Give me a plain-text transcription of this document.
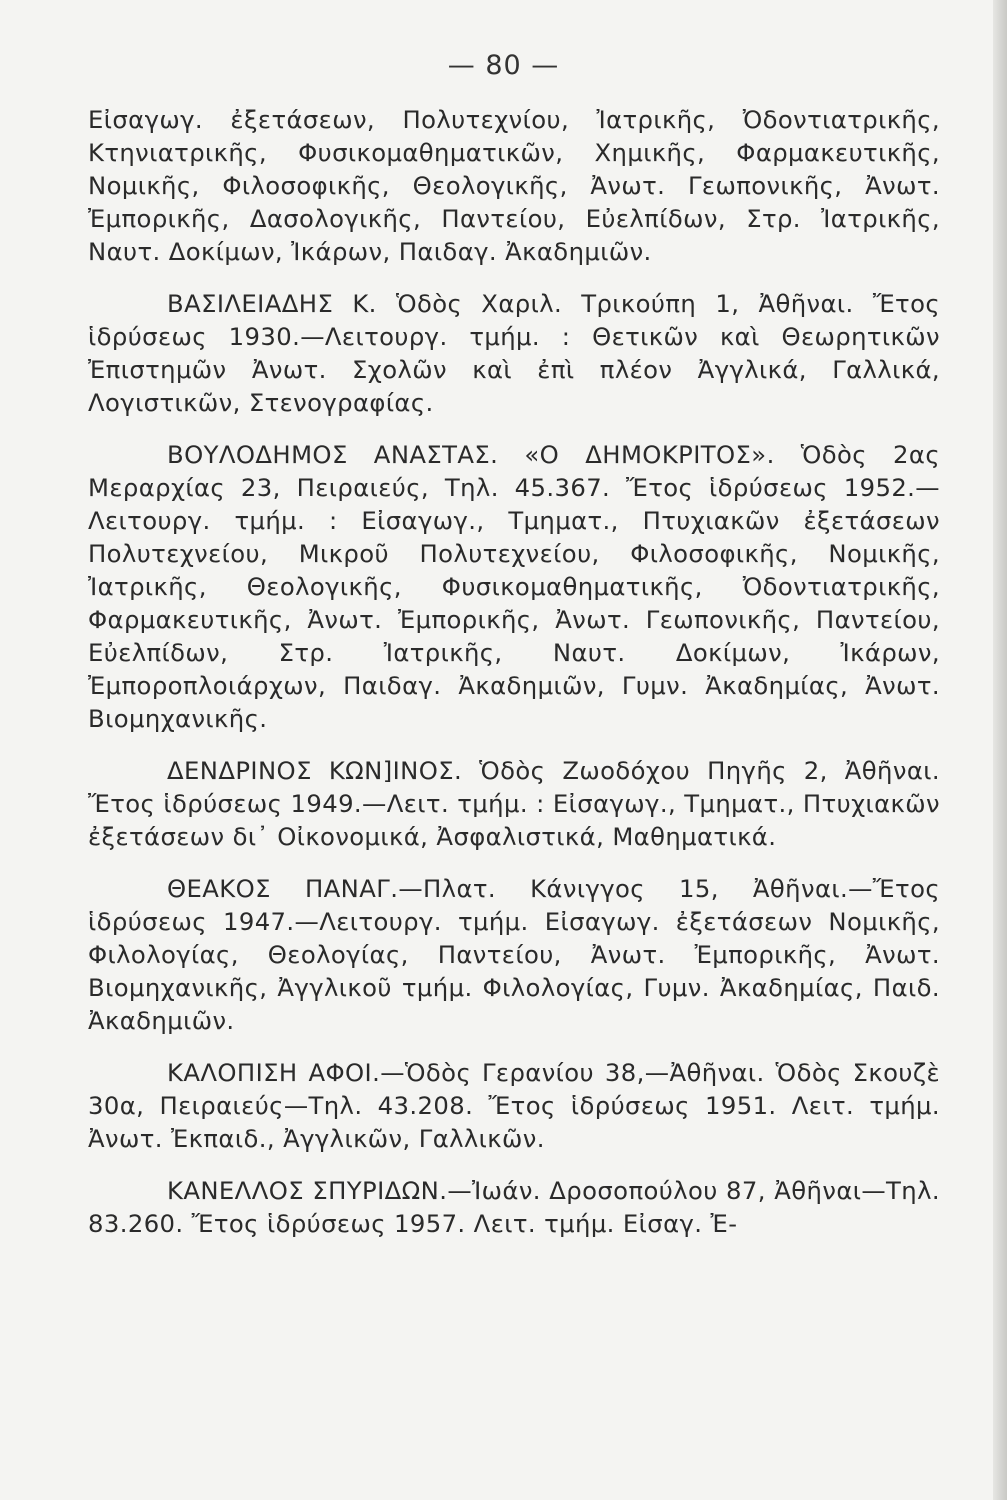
— 80 —

Εἰσαγωγ. ἐξετάσεων, Πολυτεχνίου, Ἰατρικῆς, Ὀδοντιατρικῆς, Κτηνιατρικῆς, Φυσικομαθηματικῶν, Χημικῆς, Φαρμακευτικῆς, Νομικῆς, Φιλοσοφικῆς, Θεολογικῆς, Ἀνωτ. Γεωπονικῆς, Ἀνωτ. Ἐμπορικῆς, Δασολογικῆς, Παντείου, Εὐελπίδων, Στρ. Ἰατρικῆς, Ναυτ. Δοκίμων, Ἰκάρων, Παιδαγ. Ἀκαδημιῶν.

ΒΑΣΙΛΕΙΑΔΗΣ Κ. Ὁδὸς Χαριλ. Τρικούπη 1, Ἀθῆναι. Ἔτος ἱδρύσεως 1930.—Λειτουργ. τμήμ. : Θετικῶν καὶ Θεωρητικῶν Ἐπιστημῶν Ἀνωτ. Σχολῶν καὶ ἐπὶ πλέον Ἀγγλικά, Γαλλικά, Λογιστικῶν, Στενογραφίας.

ΒΟΥΛΟΔΗΜΟΣ ΑΝΑΣΤΑΣ. «Ο ΔΗΜΟΚΡΙΤΟΣ». Ὁδὸς 2ας Μεραρχίας 23, Πειραιεύς, Τηλ. 45.367. Ἔτος ἱδρύσεως 1952.—Λειτουργ. τμήμ. : Εἰσαγωγ., Τμηματ., Πτυχιακῶν ἐξετάσεων Πολυτεχνείου, Μικροῦ Πολυτεχνείου, Φιλοσοφικῆς, Νομικῆς, Ἰατρικῆς, Θεολογικῆς, Φυσικομαθηματικῆς, Ὀδοντιατρικῆς, Φαρμακευτικῆς, Ἀνωτ. Ἐμπορικῆς, Ἀνωτ. Γεωπονικῆς, Παντείου, Εὐελπίδων, Στρ. Ἰατρικῆς, Ναυτ. Δοκίμων, Ἰκάρων, Ἐμποροπλοιάρχων, Παιδαγ. Ἀκαδημιῶν, Γυμν. Ἀκαδημίας, Ἀνωτ. Βιομηχανικῆς.

ΔΕΝΔΡΙΝΟΣ ΚΩΝ]ΙΝΟΣ. Ὁδὸς Ζωοδόχου Πηγῆς 2, Ἀθῆναι. Ἔτος ἱδρύσεως 1949.—Λειτ. τμήμ. : Εἰσαγωγ., Τμηματ., Πτυχιακῶν ἐξετάσεων δι᾽ Οἰκονομικά, Ἀσφαλιστικά, Μαθηματικά.

ΘΕΑΚΟΣ ΠΑΝΑΓ.—Πλατ. Κάνιγγος 15, Ἀθῆναι.—Ἔτος ἱδρύσεως 1947.—Λειτουργ. τμήμ. Εἰσαγωγ. ἐξετάσεων Νομικῆς, Φιλολογίας, Θεολογίας, Παντείου, Ἀνωτ. Ἐμπορικῆς, Ἀνωτ. Βιομηχανικῆς, Ἀγγλικοῦ τμήμ. Φιλολογίας, Γυμν. Ἀκαδημίας, Παιδ. Ἀκαδημιῶν.

ΚΑΛΟΠΙΣΗ ΑΦΟΙ.—Ὁδὸς Γερανίου 38,—Ἀθῆναι. Ὁδὸς Σκουζὲ 30α, Πειραιεύς—Τηλ. 43.208. Ἔτος ἱδρύσεως 1951. Λειτ. τμήμ. Ἀνωτ. Ἐκπαιδ., Ἀγγλικῶν, Γαλλικῶν.

ΚΑΝΕΛΛΟΣ ΣΠΥΡΙΔΩΝ.—Ἰωάν. Δροσοπούλου 87, Ἀθῆναι—Τηλ. 83.260. Ἔτος ἱδρύσεως 1957. Λειτ. τμήμ. Εἰσαγ. Ἐ-
